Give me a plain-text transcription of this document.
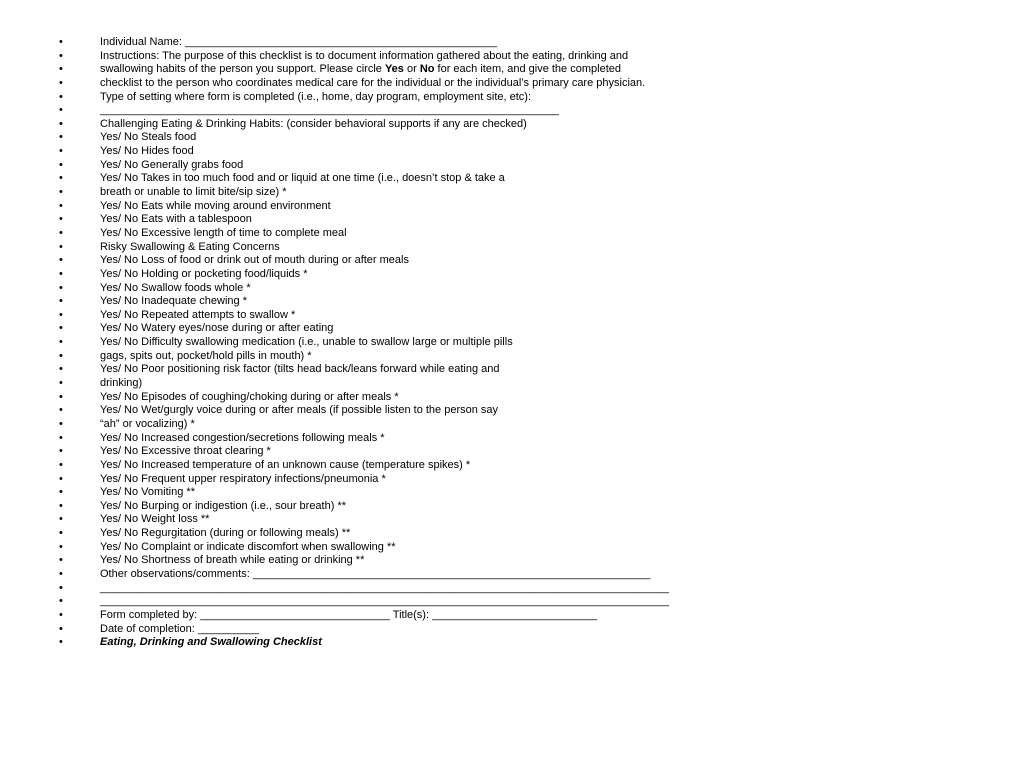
•	Individual Name: ___________________________________________________
•	Instructions: The purpose of this checklist is to document information gathered about the eating, drinking and
•	swallowing habits of the person you support. Please circle Yes or No for each item, and give the completed
•	checklist to the person who coordinates medical care for the individual or the individual’s primary care physician.
•	Type of setting where form is completed (i.e., home, day program, employment site, etc):
•	___________________________________________________________________________
•	Challenging Eating & Drinking Habits: (consider behavioral supports if any are checked)
•	Yes/ No Steals food
•	Yes/ No Hides food
•	Yes/ No Generally grabs food
•	Yes/ No Takes in too much food and or liquid at one time (i.e., doesn’t stop & take a
•	breath or unable to limit bite/sip size) *
•	Yes/ No Eats while moving around environment
•	Yes/ No Eats with a tablespoon
•	Yes/ No Excessive length of time to complete meal
•	Risky Swallowing & Eating Concerns
•	Yes/ No Loss of food or drink out of mouth during or after meals
•	Yes/ No Holding or pocketing food/liquids *
•	Yes/ No Swallow foods whole *
•	Yes/ No Inadequate chewing *
•	Yes/ No Repeated attempts to swallow *
•	Yes/ No Watery eyes/nose during or after eating
•	Yes/ No Difficulty swallowing medication (i.e., unable to swallow large or multiple pills
•	gags, spits out, pocket/hold pills in mouth) *
•	Yes/ No Poor positioning risk factor (tilts head back/leans forward while eating and
•	drinking)
•	Yes/ No Episodes of coughing/choking during or after meals *
•	Yes/ No Wet/gurgly voice during or after meals (if possible listen to the person say
•	“ah” or vocalizing) *
•	Yes/ No Increased congestion/secretions following meals *
•	Yes/ No Excessive throat clearing *
•	Yes/ No Increased temperature of an unknown cause (temperature spikes) *
•	Yes/ No Frequent upper respiratory infections/pneumonia *
•	Yes/ No Vomiting **
•	Yes/ No Burping or indigestion (i.e., sour breath) **
•	Yes/ No Weight loss **
•	Yes/ No Regurgitation (during or following meals) **
•	Yes/ No Complaint or indicate discomfort when swallowing **
•	Yes/ No Shortness of breath while eating or drinking **
•	Other observations/comments: _________________________________________________________________
•	_____________________________________________________________________________________________
•	_____________________________________________________________________________________________
•	Form completed by: _______________________________ Title(s): ___________________________
•	Date of completion: __________
•	Eating, Drinking and Swallowing Checklist
